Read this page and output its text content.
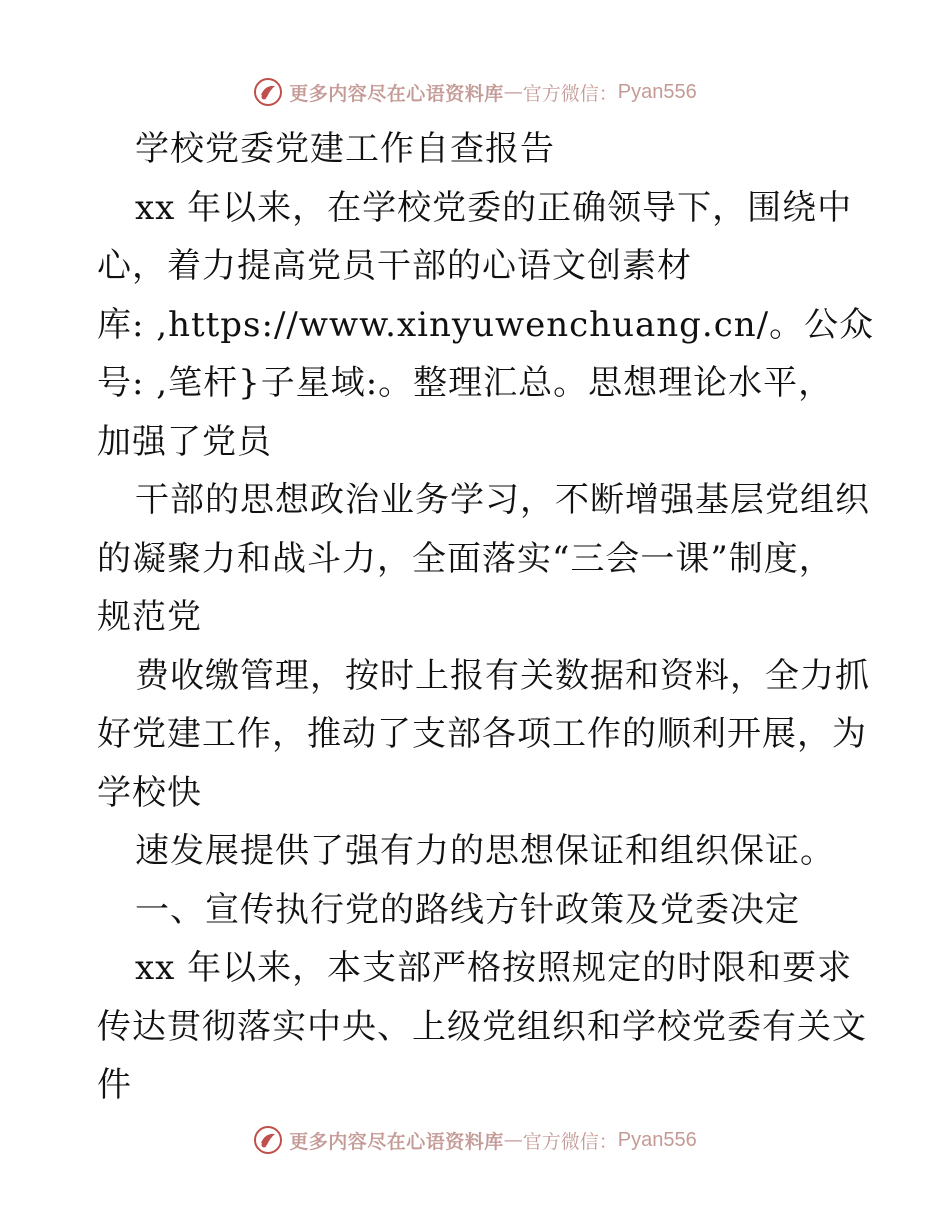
更多内容尽在心语资料库 — 官方微信： Pyan556
学校党委党建工作自查报告
xx 年以来，在学校党委的正确领导下，围绕中
心，着力提高党员干部的心语文创素材
库: ,https://www.xinyuwenchuang.cn/。公众
号: ,笔杆}子星域:。整理汇总。思想理论水平，
加强了党员
干部的思想政治业务学习，不断增强基层党组织
的凝聚力和战斗力，全面落实“三会一课”制度，
规范党
费收缴管理，按时上报有关数据和资料，全力抓
好党建工作，推动了支部各项工作的顺利开展，为
学校快
速发展提供了强有力的思想保证和组织保证。
一、宣传执行党的路线方针政策及党委决定
xx 年以来，本支部严格按照规定的时限和要求
传达贯彻落实中央、上级党组织和学校党委有关文
件
更多内容尽在心语资料库 — 官方微信： Pyan556
